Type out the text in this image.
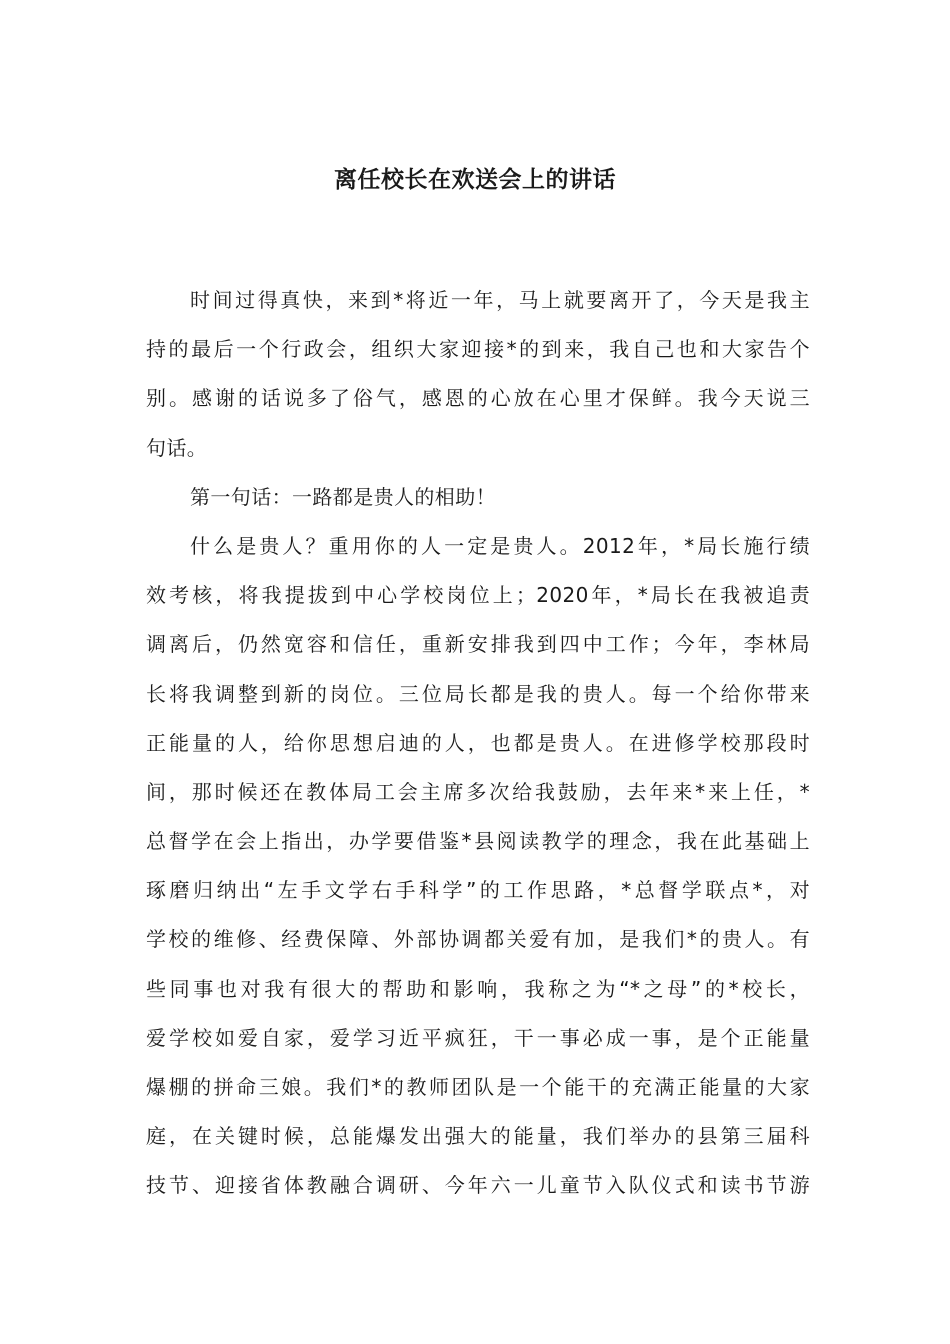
离任校长在欢送会上的讲话
时间过得真快，来到*将近一年，马上就要离开了，今天是我主
持的最后一个行政会，组织大家迎接*的到来，我自己也和大家告个
别。感谢的话说多了俗气，感恩的心放在心里才保鲜。我今天说三
句话。
第一句话：一路都是贵人的相助！
什么是贵人？重用你的人一定是贵人。2012年，*局长施行绩
效考核，将我提拔到中心学校岗位上；2020年，*局长在我被追责
调离后，仍然宽容和信任，重新安排我到四中工作；今年，李林局
长将我调整到新的岗位。三位局长都是我的贵人。每一个给你带来
正能量的人，给你思想启迪的人，也都是贵人。在进修学校那段时
间，那时候还在教体局工会主席多次给我鼓励，去年来*来上任，*
总督学在会上指出，办学要借鉴*县阅读教学的理念，我在此基础上
琢磨归纳出“左手文学右手科学”的工作思路，*总督学联点*，对
学校的维修、经费保障、外部协调都关爱有加，是我们*的贵人。有
些同事也对我有很大的帮助和影响，我称之为“*之母”的*校长，
爱学校如爱自家，爱学习近平疯狂，干一事必成一事，是个正能量
爆棚的拼命三娘。我们*的教师团队是一个能干的充满正能量的大家
庭，在关键时候，总能爆发出强大的能量，我们举办的县第三届科
技节、迎接省体教融合调研、今年六一儿童节入队仪式和读书节游
